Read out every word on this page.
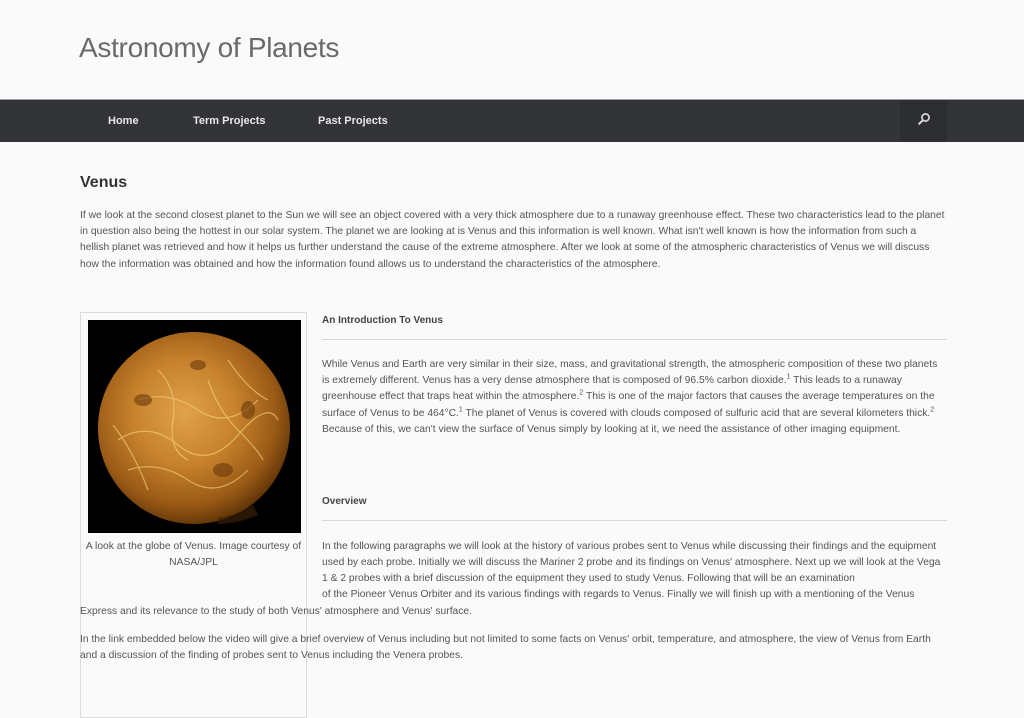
Astronomy of Planets
Home	Term Projects	Past Projects
Venus

If we look at the second closest planet to the Sun we will see an object covered with a very thick atmosphere due to a runaway greenhouse effect. These two characteristics lead to the planet in question also being the hottest in our solar system. The planet we are looking at is Venus and this information is well known. What isn't well known is how the information from such a hellish planet was retrieved and how it helps us further understand the cause of the extreme atmosphere. After we look at some of the atmospheric characteristics of Venus we will discuss how the information was obtained and how the information found allows us to understand the characteristics of the atmosphere.

A look at the globe of Venus. Image courtesy of NASA/JPL
An Introduction To Venus

While Venus and Earth are very similar in their size, mass, and gravitational strength, the atmospheric composition of these two planets is extremely different. Venus has a very dense atmosphere that is composed of 96.5% carbon dioxide.$^1$ This leads to a runaway greenhouse effect that traps heat within the atmosphere.$^2$ This is one of the major factors that causes the average temperatures on the surface of Venus to be 464°C.$^1$ The planet of Venus is covered with clouds composed of sulfuric acid that are several kilometers thick.$^2$ Because of this, we can't view the surface of Venus simply by looking at it, we need the assistance of other imaging equipment.

Overview

In the following paragraphs we will look at the history of various probes sent to Venus while discussing their findings and the equipment used by each probe. Initially we will discuss the Mariner 2 probe and its findings on Venus' atmosphere. Next up we will look at the Vega 1 & 2 probes with a brief discussion of the equipment they used to study Venus. Following that will be an examination

of the Pioneer Venus Orbiter and its various findings with regards to Venus. Finally we will finish up with a mentioning of the Venus

Express and its relevance to the study of both Venus' atmosphere and Venus' surface.

In the link embedded below the video will give a brief overview of Venus including but not limited to some facts on Venus' orbit, temperature, and atmosphere, the view of Venus from Earth and a discussion of the finding of probes sent to Venus including the Venera probes.
